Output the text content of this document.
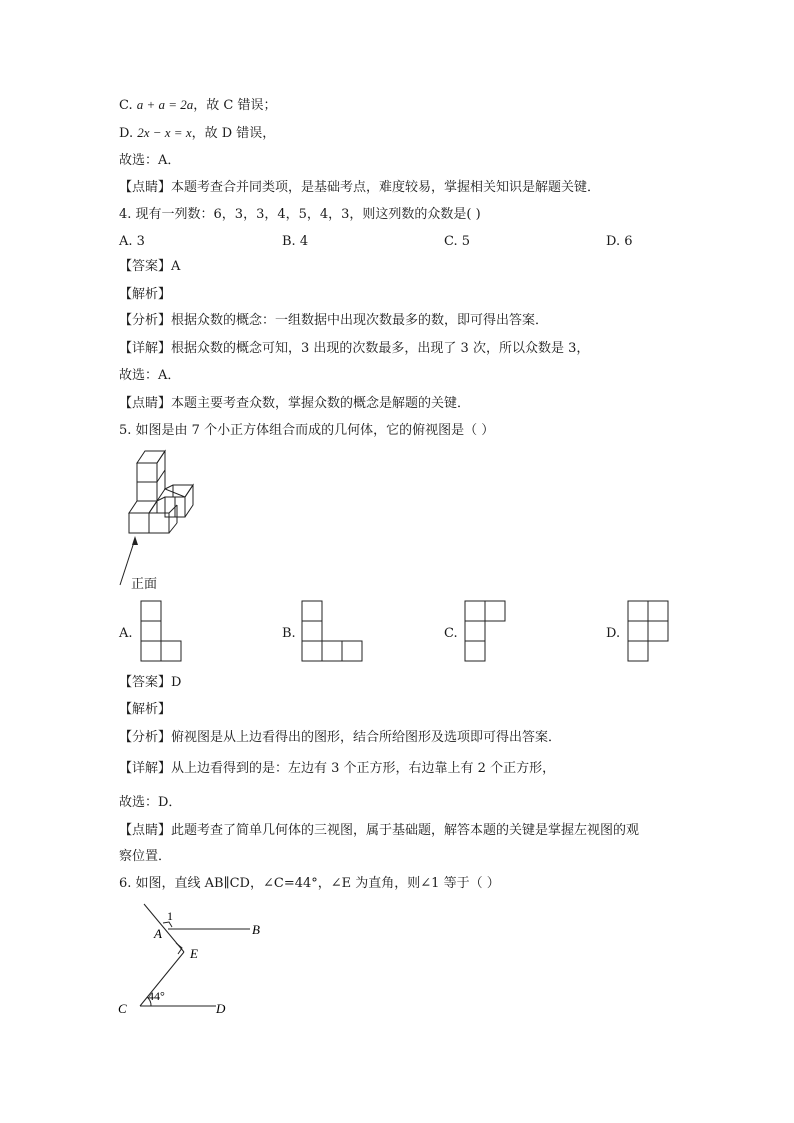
C. a + a = 2a，故 C 错误；
D. 2x − x = x，故 D 错误，
故选：A．
【点睛】本题考查合并同类项，是基础考点，难度较易，掌握相关知识是解题关键．
4. 现有一列数：6，3，3，4，5，4，3，则这列数的众数是( )
A. 3	B. 4	C. 5	D. 6
【答案】A
【解析】
【分析】根据众数的概念：一组数据中出现次数最多的数，即可得出答案．
【详解】根据众数的概念可知，3 出现的次数最多，出现了 3 次，所以众数是 3，
故选：A．
【点睛】本题主要考查众数，掌握众数的概念是解题的关键．
5. 如图是由 7 个小正方体组合而成的几何体，它的俯视图是（ ）
正面
A.	B.	C.	D.
【答案】D
【解析】
【分析】俯视图是从上边看得出的图形，结合所给图形及选项即可得出答案．
【详解】从上边看得到的是：左边有 3 个正方形，右边靠上有 2 个正方形，
故选：D．
【点睛】此题考查了简单几何体的三视图，属于基础题，解答本题的关键是掌握左视图的观
察位置．
6. 如图，直线 AB∥CD，∠C=44°，∠E 为直角，则∠1 等于（ ）
1
A	B
E
C	D
44°
